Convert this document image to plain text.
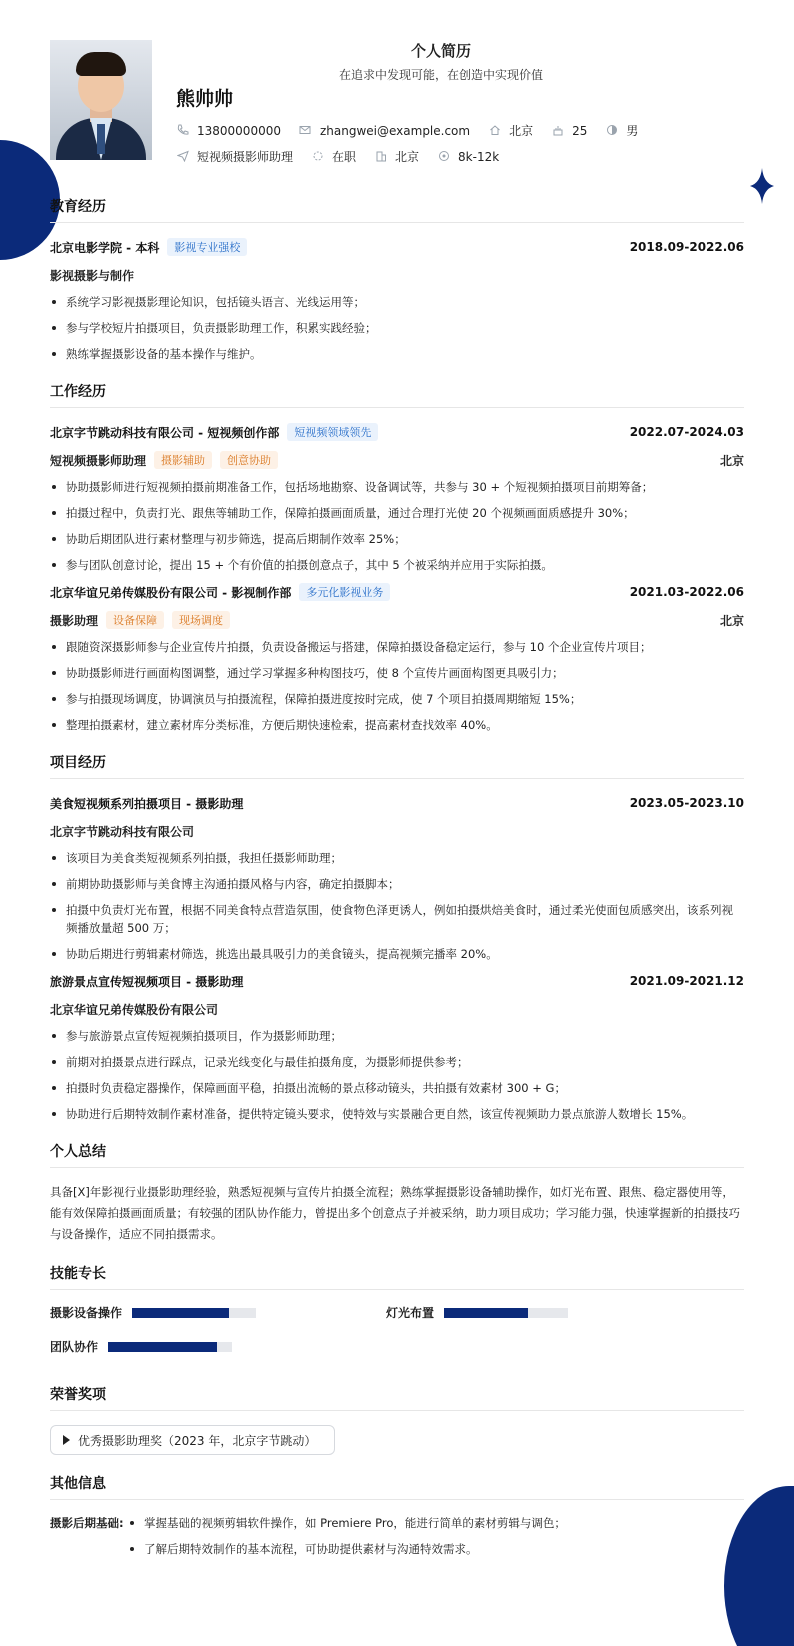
个人简历
在追求中发现可能，在创造中实现价值
熊帅帅
13800000000	zhangwei@example.com	北京	25	男
短视频摄影师助理	在职	北京	8k-12k
教育经历
北京电影学院 - 本科	影视专业强校	2018.09-2022.06
影视摄影与制作
系统学习影视摄影理论知识，包括镜头语言、光线运用等；
参与学校短片拍摄项目，负责摄影助理工作，积累实践经验；
熟练掌握摄影设备的基本操作与维护。
工作经历
北京字节跳动科技有限公司 - 短视频创作部	短视频领域领先	2022.07-2024.03
短视频摄影师助理	摄影辅助	创意协助	北京
协助摄影师进行短视频拍摄前期准备工作，包括场地勘察、设备调试等，共参与 30 + 个短视频拍摄项目前期筹备；
拍摄过程中，负责打光、跟焦等辅助工作，保障拍摄画面质量，通过合理打光使 20 个视频画面质感提升 30%；
协助后期团队进行素材整理与初步筛选，提高后期制作效率 25%；
参与团队创意讨论，提出 15 + 个有价值的拍摄创意点子，其中 5 个被采纳并应用于实际拍摄。
北京华谊兄弟传媒股份有限公司 - 影视制作部	多元化影视业务	2021.03-2022.06
摄影助理	设备保障	现场调度	北京
跟随资深摄影师参与企业宣传片拍摄，负责设备搬运与搭建，保障拍摄设备稳定运行，参与 10 个企业宣传片项目；
协助摄影师进行画面构图调整，通过学习掌握多种构图技巧，使 8 个宣传片画面构图更具吸引力；
参与拍摄现场调度，协调演员与拍摄流程，保障拍摄进度按时完成，使 7 个项目拍摄周期缩短 15%；
整理拍摄素材，建立素材库分类标准，方便后期快速检索，提高素材查找效率 40%。
项目经历
美食短视频系列拍摄项目 - 摄影助理	2023.05-2023.10
北京字节跳动科技有限公司
该项目为美食类短视频系列拍摄，我担任摄影师助理；
前期协助摄影师与美食博主沟通拍摄风格与内容，确定拍摄脚本；
拍摄中负责灯光布置，根据不同美食特点营造氛围，使食物色泽更诱人，例如拍摄烘焙美食时，通过柔光使面包质感突出，该系列视频播放量超 500 万；
协助后期进行剪辑素材筛选，挑选出最具吸引力的美食镜头，提高视频完播率 20%。
旅游景点宣传短视频项目 - 摄影助理	2021.09-2021.12
北京华谊兄弟传媒股份有限公司
参与旅游景点宣传短视频拍摄项目，作为摄影师助理；
前期对拍摄景点进行踩点，记录光线变化与最佳拍摄角度，为摄影师提供参考；
拍摄时负责稳定器操作，保障画面平稳，拍摄出流畅的景点移动镜头，共拍摄有效素材 300 + G；
协助进行后期特效制作素材准备，提供特定镜头要求，使特效与实景融合更自然，该宣传视频助力景点旅游人数增长 15%。
个人总结
具备[X]年影视行业摄影助理经验，熟悉短视频与宣传片拍摄全流程；熟练掌握摄影设备辅助操作，如灯光布置、跟焦、稳定器使用等，能有效保障拍摄画面质量；有较强的团队协作能力，曾提出多个创意点子并被采纳，助力项目成功；学习能力强，快速掌握新的拍摄技巧与设备操作，适应不同拍摄需求。
技能专长
摄影设备操作	灯光布置
团队协作
荣誉奖项
优秀摄影助理奖（2023 年，北京字节跳动）
其他信息
摄影后期基础:	掌握基础的视频剪辑软件操作，如 Premiere Pro，能进行简单的素材剪辑与调色；
了解后期特效制作的基本流程，可协助提供素材与沟通特效需求。
